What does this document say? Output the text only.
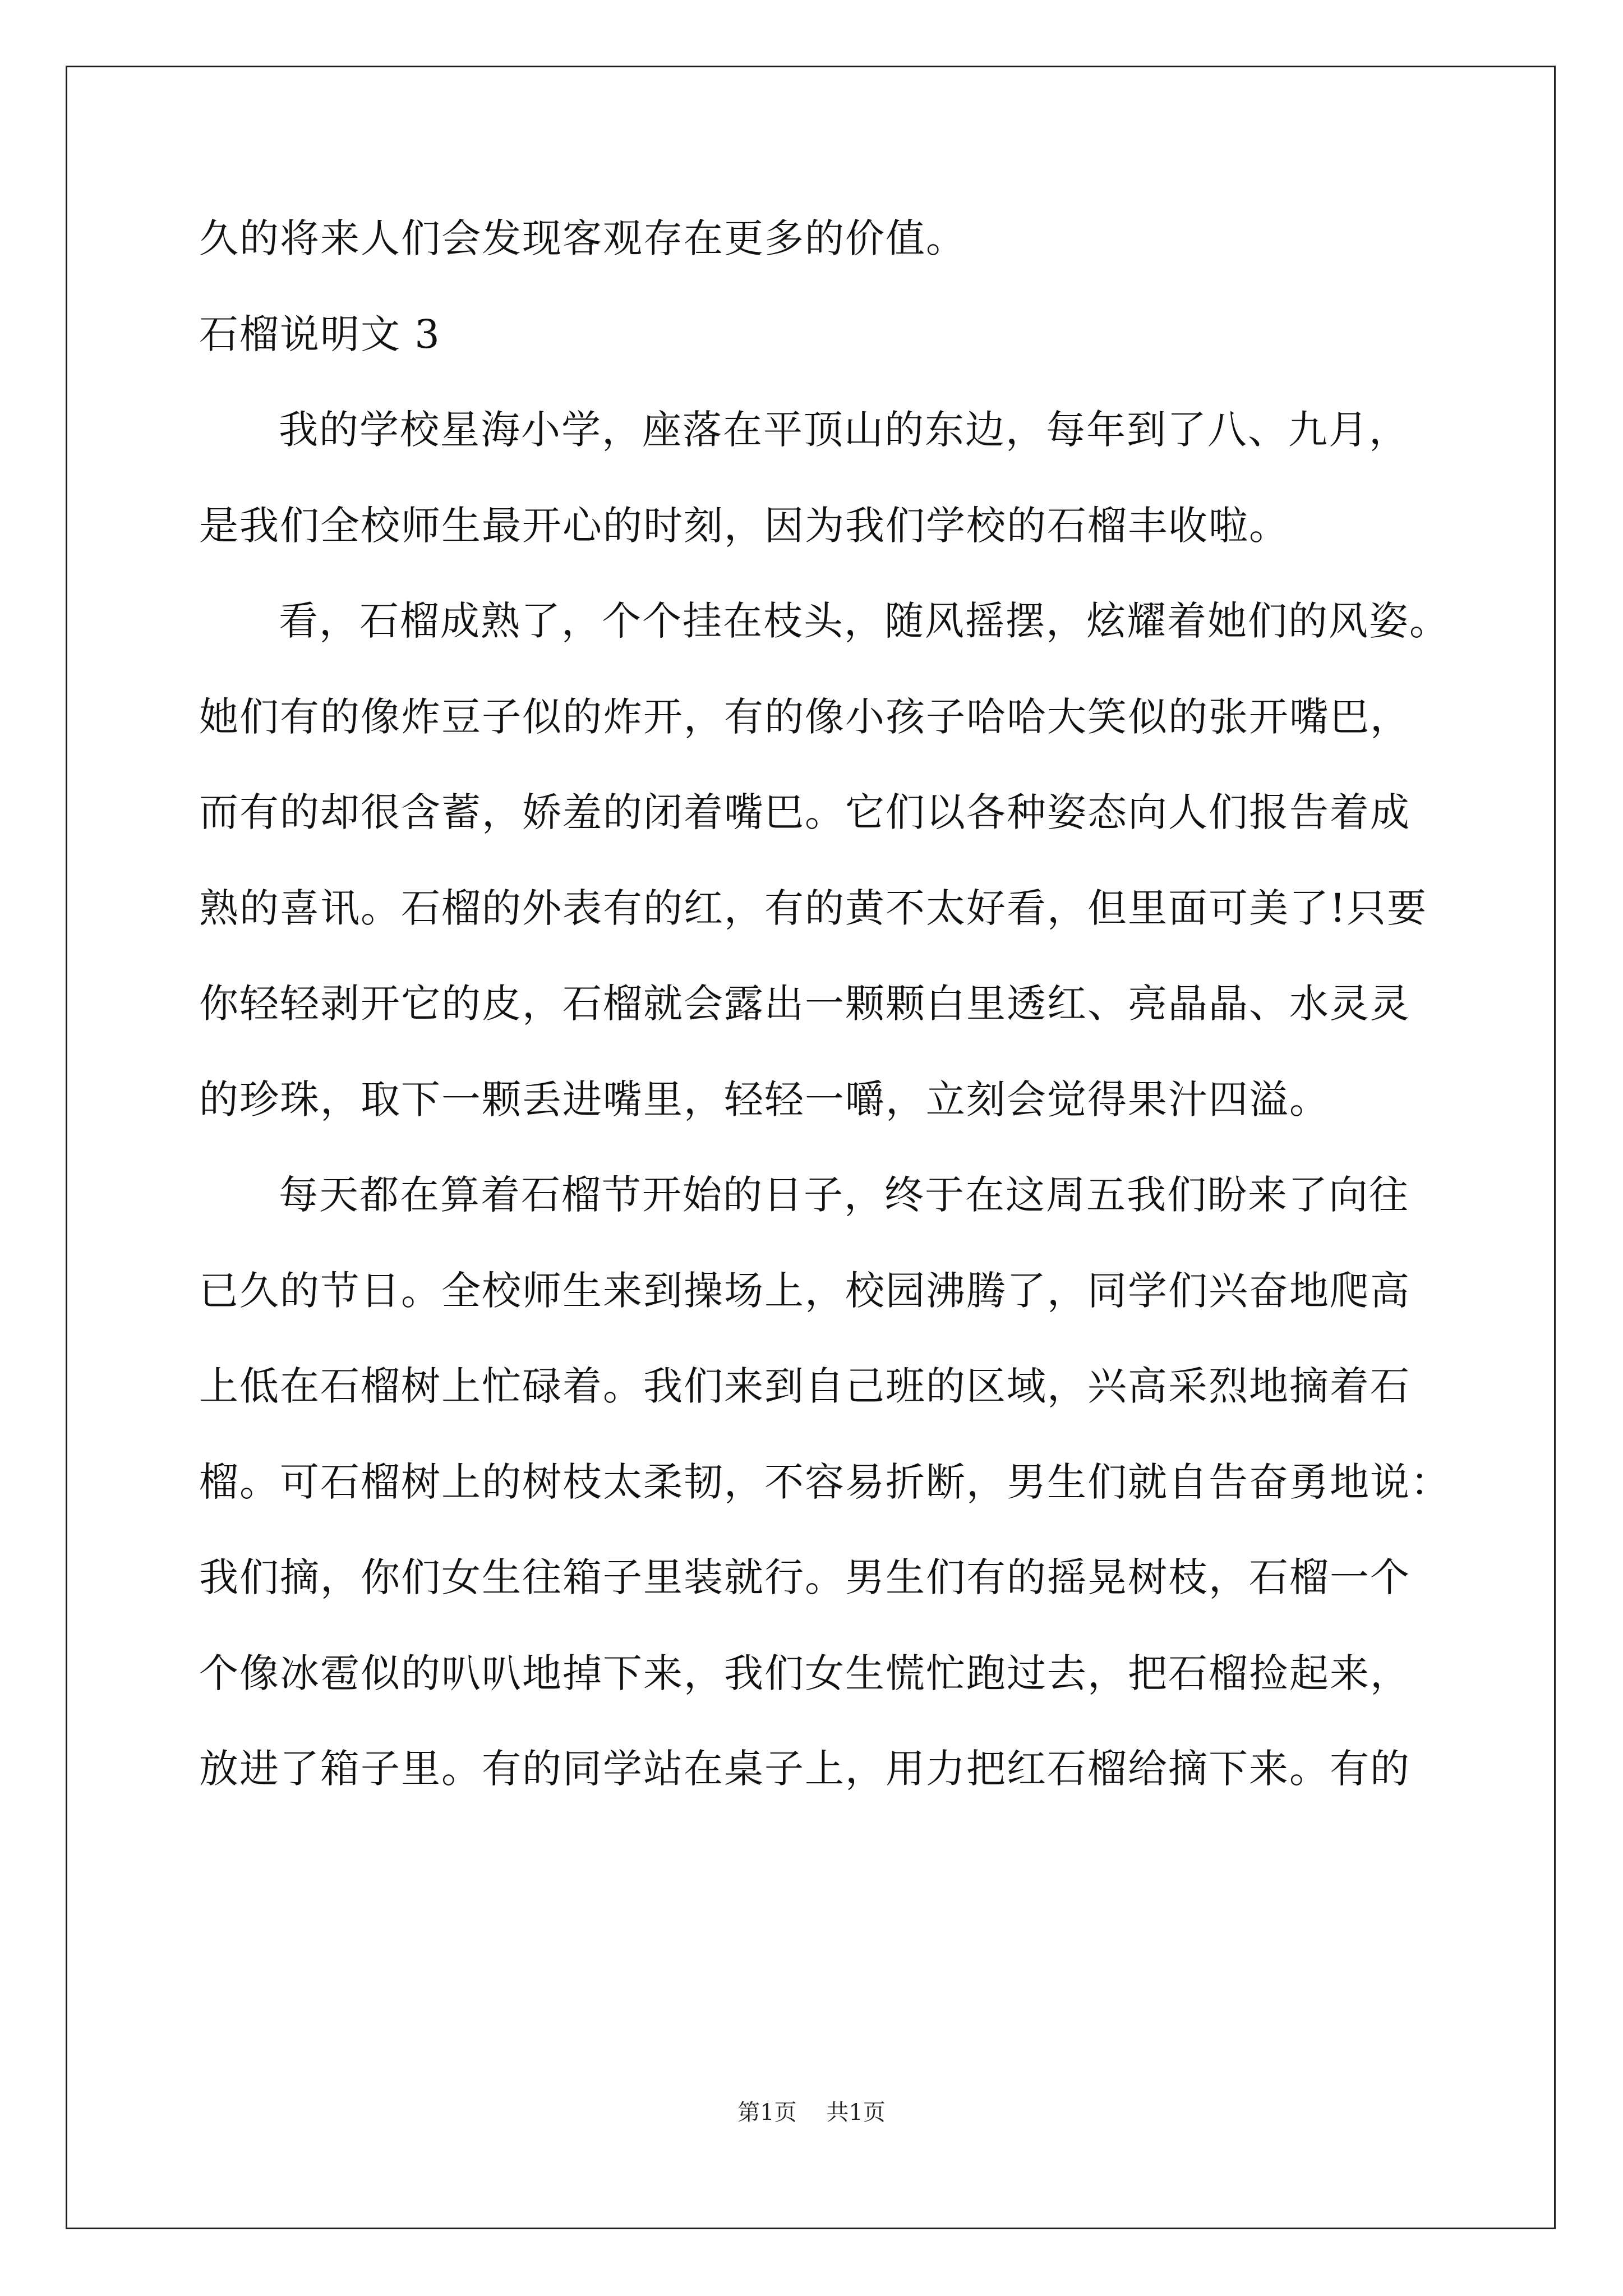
久的将来人们会发现客观存在更多的价值。
石榴说明文 3
我的学校星海小学，座落在平顶山的东边，每年到了八、九月，
是我们全校师生最开心的时刻，因为我们学校的石榴丰收啦。
看，石榴成熟了，个个挂在枝头，随风摇摆，炫耀着她们的风姿。
她们有的像炸豆子似的炸开，有的像小孩子哈哈大笑似的张开嘴巴，
而有的却很含蓄，娇羞的闭着嘴巴。它们以各种姿态向人们报告着成
熟的喜讯。石榴的外表有的红，有的黄不太好看，但里面可美了!只要
你轻轻剥开它的皮，石榴就会露出一颗颗白里透红、亮晶晶、水灵灵
的珍珠，取下一颗丢进嘴里，轻轻一嚼，立刻会觉得果汁四溢。
每天都在算着石榴节开始的日子，终于在这周五我们盼来了向往
已久的节日。全校师生来到操场上，校园沸腾了，同学们兴奋地爬高
上低在石榴树上忙碌着。我们来到自己班的区域，兴高采烈地摘着石
榴。可石榴树上的树枝太柔韧，不容易折断，男生们就自告奋勇地说：
我们摘，你们女生往箱子里装就行。男生们有的摇晃树枝，石榴一个
个像冰雹似的叭叭地掉下来，我们女生慌忙跑过去，把石榴捡起来，
放进了箱子里。有的同学站在桌子上，用力把红石榴给摘下来。有的
第1页 共1页
